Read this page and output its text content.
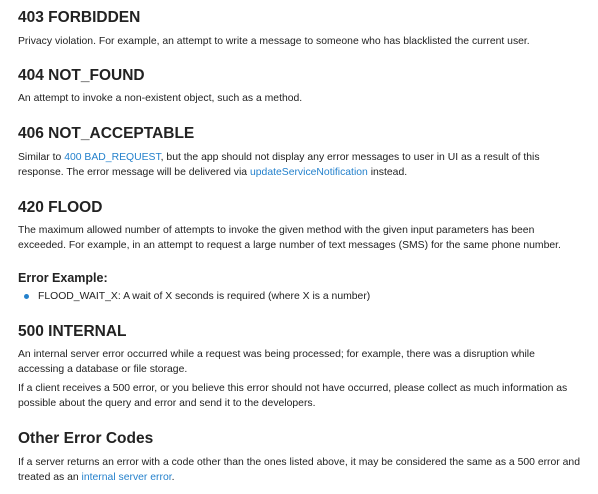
403 FORBIDDEN

Privacy violation. For example, an attempt to write a message to someone who has blacklisted the current user.

404 NOT_FOUND

An attempt to invoke a non-existent object, such as a method.

406 NOT_ACCEPTABLE

Similar to 400 BAD_REQUEST, but the app should not display any error messages to user in UI as a result of this response. The error message will be delivered via updateServiceNotification instead.

420 FLOOD

The maximum allowed number of attempts to invoke the given method with the given input parameters has been exceeded. For example, in an attempt to request a large number of text messages (SMS) for the same phone number.

Error Example:
FLOOD_WAIT_X: A wait of X seconds is required (where X is a number)
500 INTERNAL

An internal server error occurred while a request was being processed; for example, there was a disruption while accessing a database or file storage.

If a client receives a 500 error, or you believe this error should not have occurred, please collect as much information as possible about the query and error and send it to the developers.

Other Error Codes

If a server returns an error with a code other than the ones listed above, it may be considered the same as a 500 error and treated as an internal server error.
